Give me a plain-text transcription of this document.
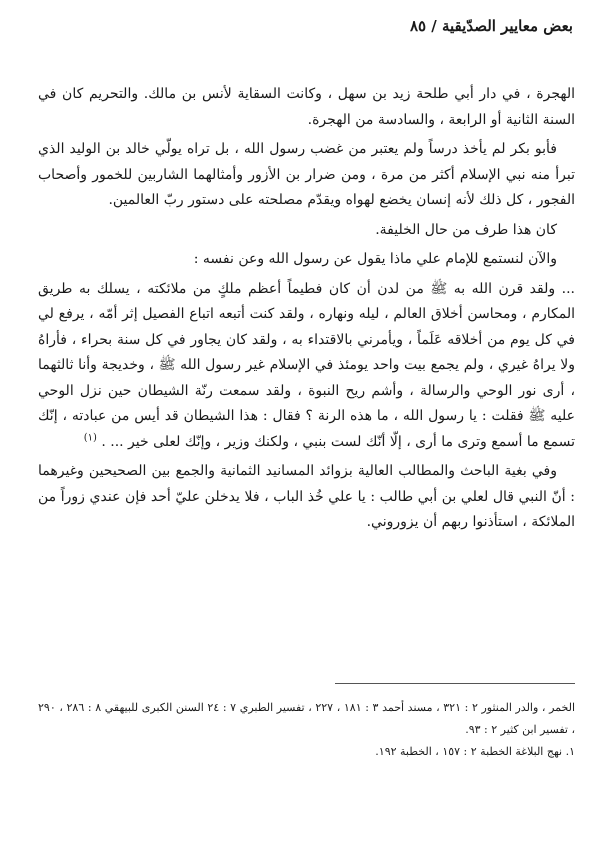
بعض معايير الصدّيقية / ٨٥

الهجرة ، في دار أبي طلحة زيد بن سهل ، وكانت السقاية لأنس بن مالك. والتحريم كان في السنة الثانية أو الرابعة ، والسادسة من الهجرة.

فأبو بكر لم يأخذ درساً ولم يعتبر من غضب رسول الله ، بل تراه يولّي خالد بن الوليد الذي تبرأ منه نبي الإسلام أكثر من مرة ، ومن ضرار بن الأزور وأمثالهما الشاربين للخمور وأصحاب الفجور ، كل ذلك لأنه إنسان يخضع لهواه ويقدّم مصلحته على دستور ربّ العالمين.

كان هذا طرف من حال الخليفة.

والآن لنستمع للإمام علي ماذا يقول عن رسول الله وعن نفسه :

... ولقد قرن الله به ﷺ من لدن أن كان فطيماً أعظم ملكٍ من ملائكته ، يسلك به طريق المكارم ، ومحاسن أخلاق العالم ، ليله ونهاره ، ولقد كنت أتبعه اتباع الفصيل إثر أمّه ، يرفع لي في كل يوم من أخلاقه عَلَماً ، ويأمرني بالاقتداء به ، ولقد كان يجاور في كل سنة بحراء ، فأراهُ ولا يراهُ غيري ، ولم يجمع بيت واحد يومئذ في الإسلام غير رسول الله ﷺ ، وخديجة وأنا ثالثهما ، أرى نور الوحي والرسالة ، وأشم ريح النبوة ، ولقد سمعت رنّة الشيطان حين نزل الوحي عليه ﷺ فقلت : يا رسول الله ، ما هذه الرنة ؟ فقال : هذا الشيطان قد أيس من عبادته ، إنّك تسمع ما أسمع وترى ما أرى ، إلّا أنّك لست بنبي ، ولكنك وزير ، وإنّك لعلى خير ... . $^{(١)}$

وفي بغية الباحث والمطالب العالية بزوائد المسانيد الثمانية والجمع بين الصحيحين وغيرهما : أنّ النبي قال لعلي بن أبي طالب : يا علي خُذ الباب ، فلا يدخلن عليّ أحد فإن عندي زوراً من الملائكة ، استأذنوا ربهم أن يزوروني.

الخمر ، والدر المنثور ٢ : ٣٢١ ، مسند أحمد ٣ : ١٨١ ، ٢٢٧ ، تفسير الطبري ٧ : ٢٤ السنن الكبرى للبيهقي ٨ : ٢٨٦ ، ٢٩٠ ، تفسير ابن كثير ٢ : ٩٣.

١. نهج البلاغة الخطبة ٢ : ١٥٧ ، الخطبة ١٩٢.
